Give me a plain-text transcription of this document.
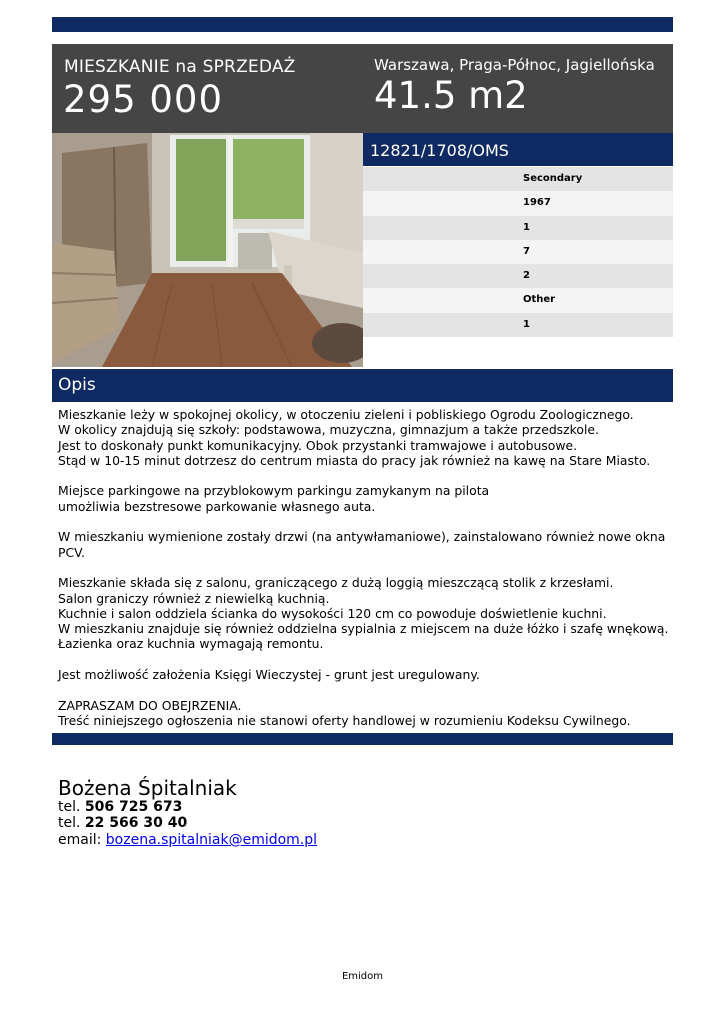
MIESZKANIE na SPRZEDAŻ
295 000
Warszawa, Praga-Północ, Jagiellońska
41.5 m2
12821/1708/OMS
Secondary
1967
1
7
2
Other
1
Opis
Mieszkanie leży w spokojnej okolicy, w otoczeniu zieleni i pobliskiego Ogrodu Zoologicznego.
W okolicy znajdują się szkoły: podstawowa, muzyczna, gimnazjum a także przedszkole.
Jest to doskonały punkt komunikacyjny. Obok przystanki tramwajowe i autobusowe.
Stąd w 10-15 minut dotrzesz do centrum miasta do pracy jak również na kawę na Stare Miasto.

Miejsce parkingowe na przyblokowym parkingu zamykanym na pilota
umożliwia bezstresowe parkowanie własnego auta.

W mieszkaniu wymienione zostały drzwi (na antywłamaniowe), zainstalowano również nowe okna PCV.

Mieszkanie składa się z salonu, graniczącego z dużą loggią mieszczącą stolik z krzesłami.
Salon graniczy również z niewielką kuchnią.
Kuchnie i salon oddziela ścianka do wysokości 120 cm co powoduje doświetlenie kuchni.
W mieszkaniu znajduje się również oddzielna sypialnia z miejscem na duże łóżko i szafę wnękową.
Łazienka oraz kuchnia wymagają remontu.

Jest możliwość założenia Księgi Wieczystej - grunt jest uregulowany.

ZAPRASZAM DO OBEJRZENIA.
Treść niniejszego ogłoszenia nie stanowi oferty handlowej w rozumieniu Kodeksu Cywilnego.
Bożena Śpitalniak
tel. 506 725 673
tel. 22 566 30 40
email: bozena.spitalniak@emidom.pl
Emidom
